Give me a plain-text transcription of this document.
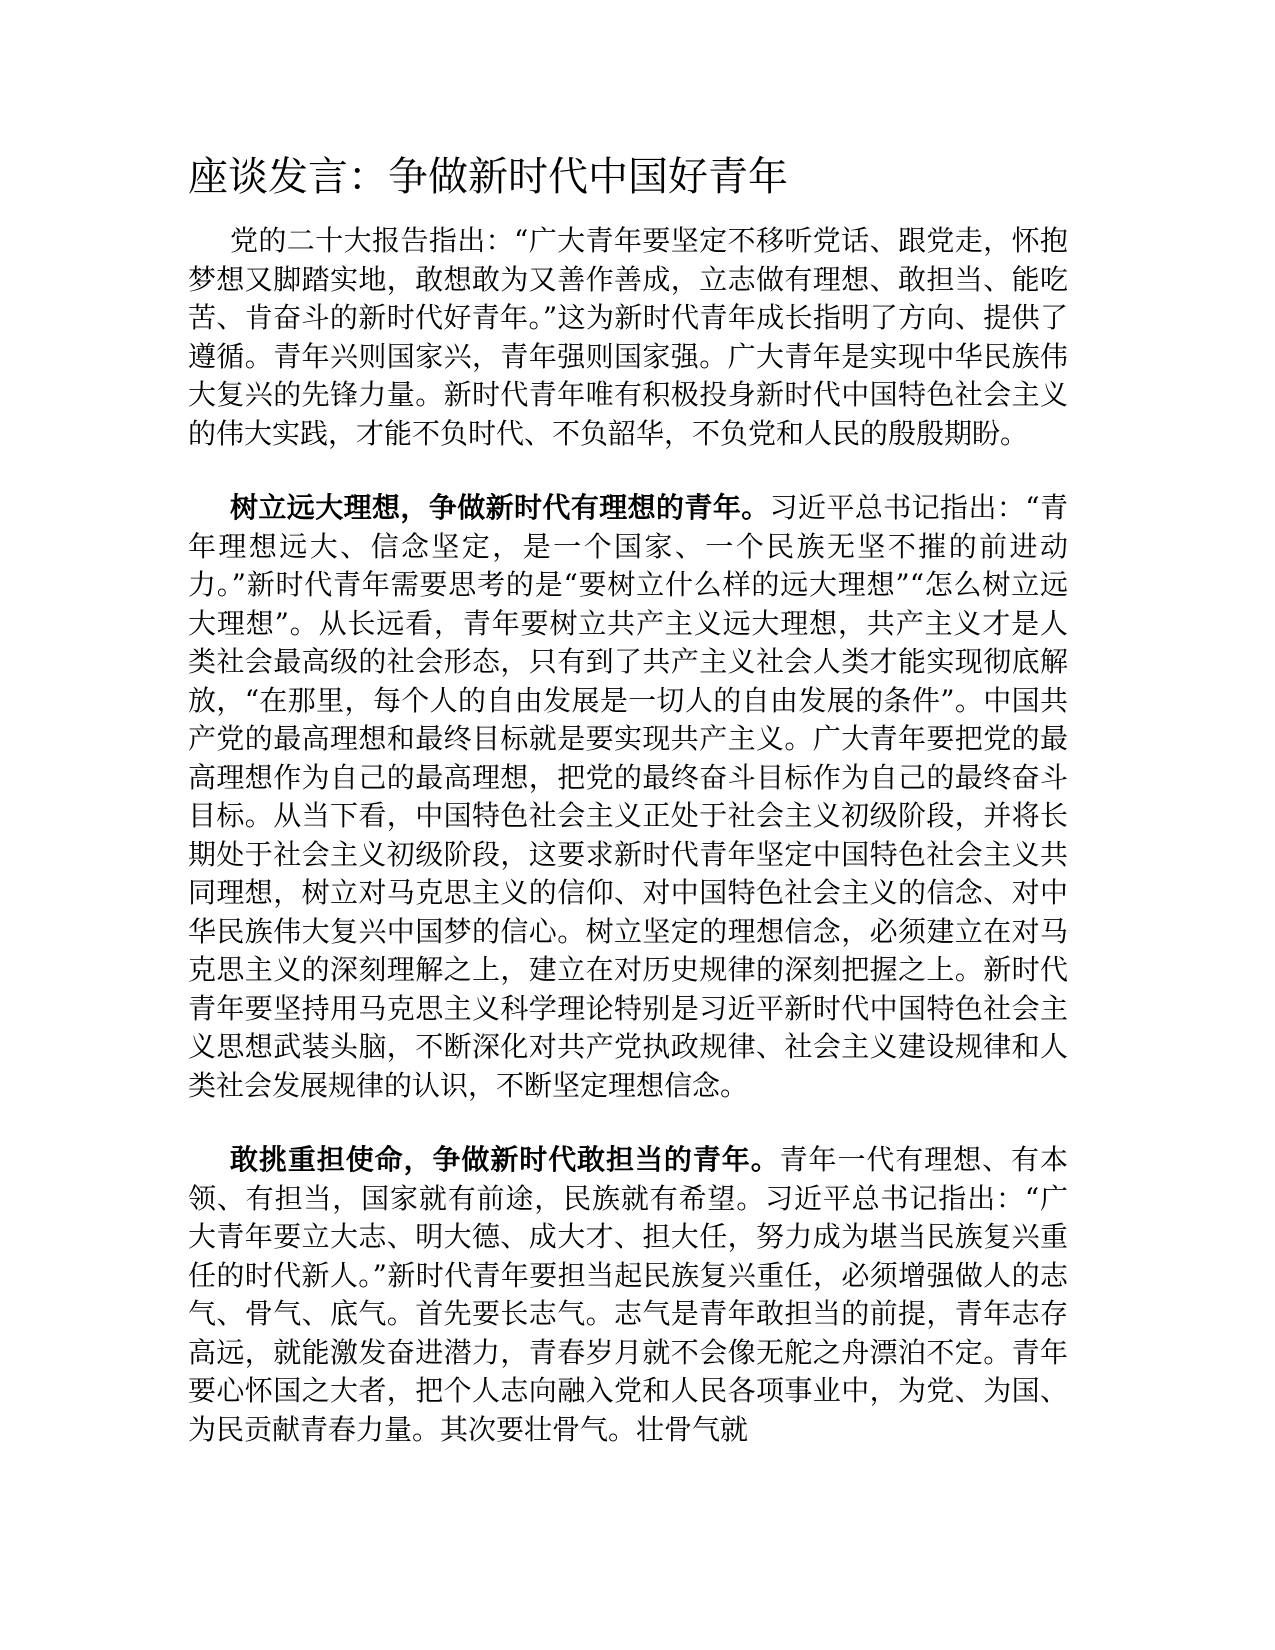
座谈发言：争做新时代中国好青年

党的二十大报告指出：“广大青年要坚定不移听党话、跟党走，怀抱梦想又脚踏实地，敢想敢为又善作善成，立志做有理想、敢担当、能吃苦、肯奋斗的新时代好青年。”这为新时代青年成长指明了方向、提供了遵循。青年兴则国家兴，青年强则国家强。广大青年是实现中华民族伟大复兴的先锋力量。新时代青年唯有积极投身新时代中国特色社会主义的伟大实践，才能不负时代、不负韶华，不负党和人民的殷殷期盼。

树立远大理想，争做新时代有理想的青年。习近平总书记指出：“青年理想远大、信念坚定，是一个国家、一个民族无坚不摧的前进动力。”新时代青年需要思考的是“要树立什么样的远大理想”“怎么树立远大理想”。从长远看，青年要树立共产主义远大理想，共产主义才是人类社会最高级的社会形态，只有到了共产主义社会人类才能实现彻底解放，“在那里，每个人的自由发展是一切人的自由发展的条件”。中国共产党的最高理想和最终目标就是要实现共产主义。广大青年要把党的最高理想作为自己的最高理想，把党的最终奋斗目标作为自己的最终奋斗目标。从当下看，中国特色社会主义正处于社会主义初级阶段，并将长期处于社会主义初级阶段，这要求新时代青年坚定中国特色社会主义共同理想，树立对马克思主义的信仰、对中国特色社会主义的信念、对中华民族伟大复兴中国梦的信心。树立坚定的理想信念，必须建立在对马克思主义的深刻理解之上，建立在对历史规律的深刻把握之上。新时代青年要坚持用马克思主义科学理论特别是习近平新时代中国特色社会主义思想武装头脑，不断深化对共产党执政规律、社会主义建设规律和人类社会发展规律的认识，不断坚定理想信念。

敢挑重担使命，争做新时代敢担当的青年。青年一代有理想、有本领、有担当，国家就有前途，民族就有希望。习近平总书记指出：“广大青年要立大志、明大德、成大才、担大任，努力成为堪当民族复兴重任的时代新人。”新时代青年要担当起民族复兴重任，必须增强做人的志气、骨气、底气。首先要长志气。志气是青年敢担当的前提，青年志存高远，就能激发奋进潜力，青春岁月就不会像无舵之舟漂泊不定。青年要心怀国之大者，把个人志向融入党和人民各项事业中，为党、为国、为民贡献青春力量。其次要壮骨气。壮骨气就
